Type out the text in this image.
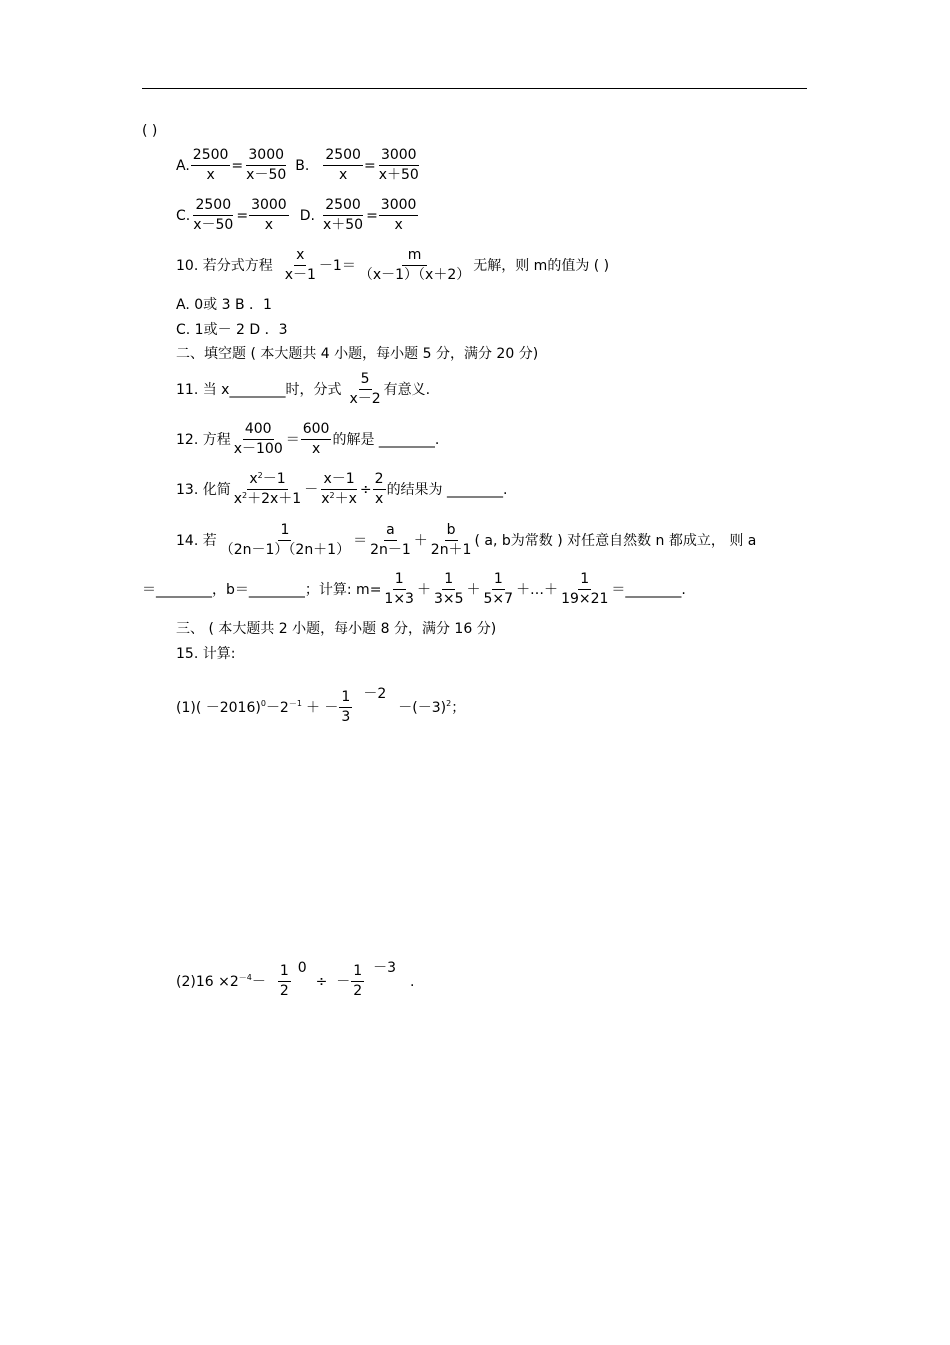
( )
A. $\frac{2500}{x} = \frac{3000}{x-50} B$. $\frac{2500}{x} = \frac{3000}{x+50}$
C. $\frac{2500}{x-50} = \frac{3000}{x} D$. $\frac{2500}{x+50} = \frac{3000}{x}$
10. 若分式方程
x
x－1
－1＝
m
（x－1）（x＋2）
无解，则 m的值为 ( )
A. 0或 3 B ．1
C. 1或－ 2 D ．3
二、填空题 ( 本大题共 4 小题，每小题 5 分，满分 20 分)
11. 当 x________时，分式
5
x－2
有意义.
12. 方程
400
x－100
＝
600
x
的解是 ________.
13. 化简
$x^2-1$
$x^2+2x+1$
－ $\frac{x-1}{x^2+x} \div \frac{2}{x}$ 的结果为 ________.
14. 若
1
（2n－1）（2n＋1）
＝
a
2n－1
＋
b
2n＋1
( a, b为常数 ) 对任意自然数 n 都成立， 则 a
＝________，b＝________；计算: $m= \frac{1}{1\times 3}$ ＋
1
3×5
＋
1
5×7
＋…＋
1
19×21
＝________.
三、 ( 本大题共 2 小题，每小题 8 分，满分 16 分)
15. 计算:
(1)( －2016) 0 －2 －1 ＋ －
1
3
－2
－(－3) 2 ；
(2)16 ×2 －4 －
1
2
0
÷  －
1
2
－3
.
